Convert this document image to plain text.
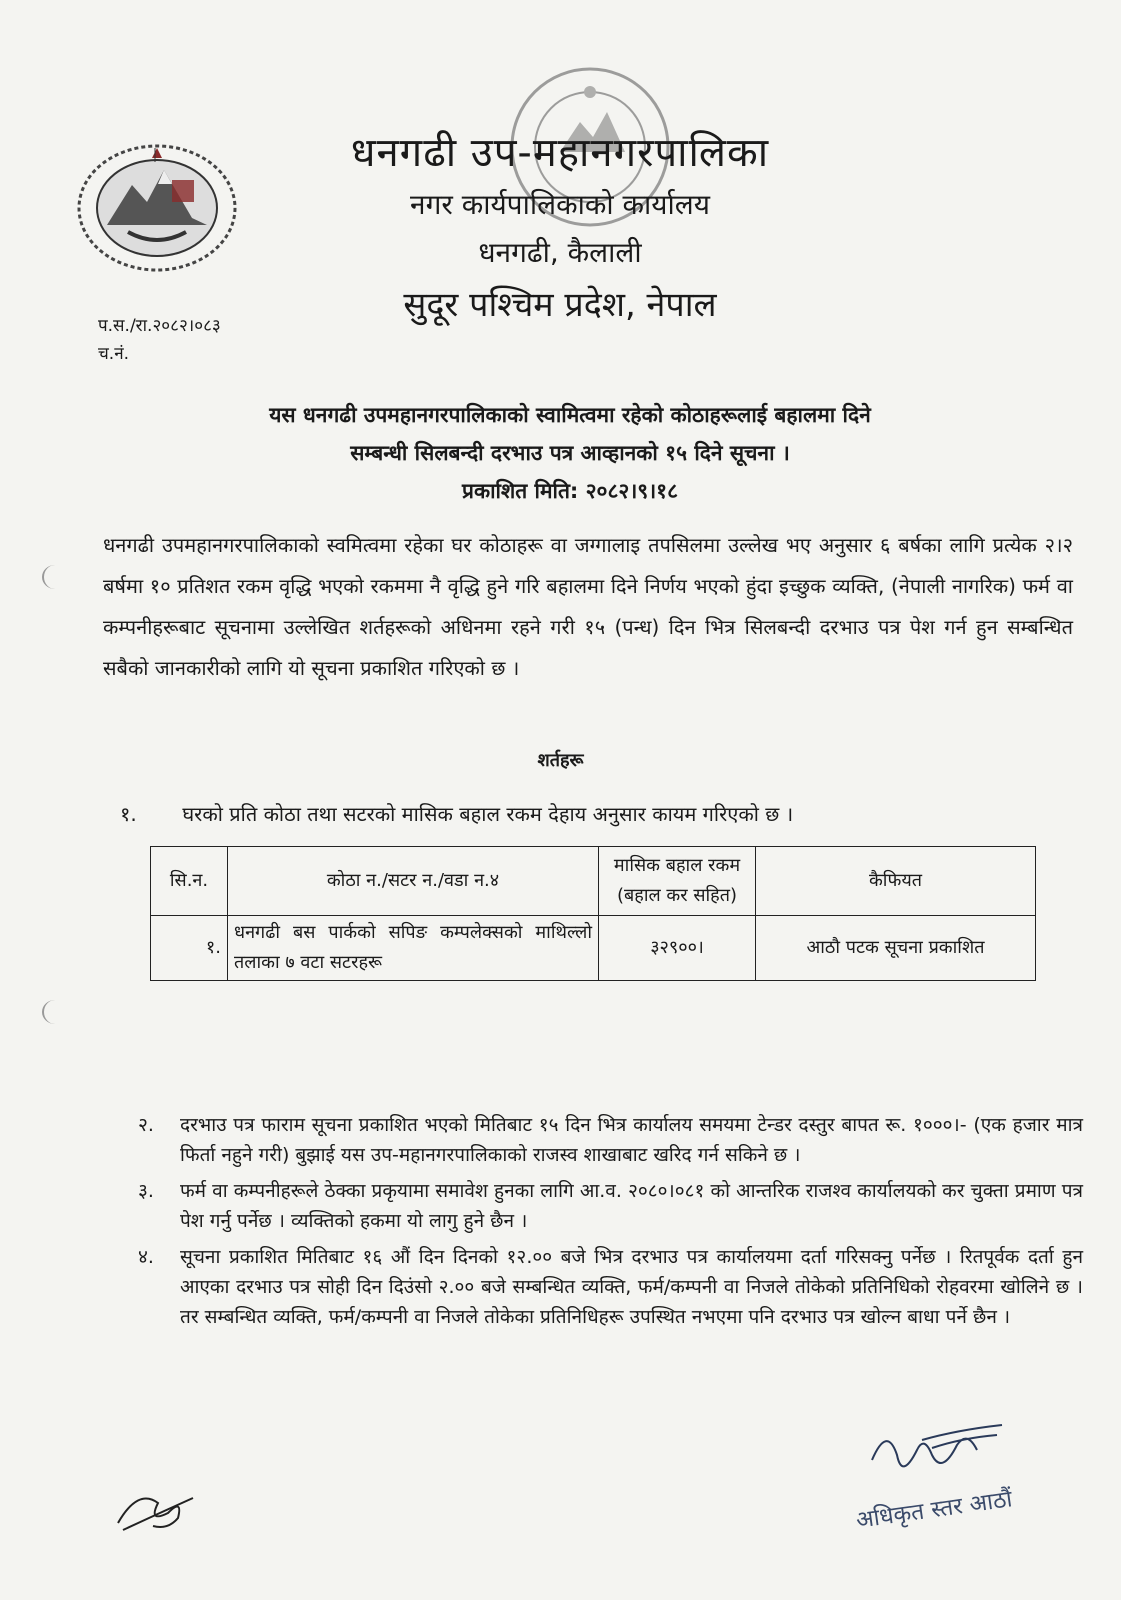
धनगढी उप-महानगरपालिका
नगर कार्यपालिकाको कार्यालय
धनगढी, कैलाली
सुदूर पश्चिम प्रदेश, नेपाल
प.स./रा.२०८२।०८३
च.नं.
यस धनगढी उपमहानगरपालिकाको स्वामित्वमा रहेको कोठाहरूलाई बहालमा दिने
सम्बन्धी सिलबन्दी दरभाउ पत्र आव्हानको १५ दिने सूचना ।
प्रकाशित मिति: २०८२।९।१८
धनगढी उपमहानगरपालिकाको स्वमित्वमा रहेका घर कोठाहरू वा जग्गालाइ तपसिलमा उल्लेख भए अनुसार ६ बर्षका लागि प्रत्येक २।२ बर्षमा १० प्रतिशत रकम वृद्धि भएको रकममा नै वृद्धि हुने गरि बहालमा दिने निर्णय भएको हुंदा इच्छुक व्यक्ति, (नेपाली नागरिक) फर्म वा कम्पनीहरूबाट सूचनामा उल्लेखित शर्तहरूको अधिनमा रहने गरी १५ (पन्ध) दिन भित्र सिलबन्दी दरभाउ पत्र पेश गर्न हुन सम्बन्धित सबैको जानकारीको लागि यो सूचना प्रकाशित गरिएको छ ।
शर्तहरू
१. घरको प्रति कोठा तथा सटरको मासिक बहाल रकम देहाय अनुसार कायम गरिएको छ ।
सि.न.	कोठा न./सटर न./वडा न.४	मासिक बहाल रकम (बहाल कर सहित)	कैफियत
१.	धनगढी बस पार्कको सपिङ कम्पलेक्सको माथिल्लो तलाका ७ वटा सटरहरू	३२९००।	आठौ पटक सूचना प्रकाशित
२.	दरभाउ पत्र फाराम सूचना प्रकाशित भएको मितिबाट १५ दिन भित्र कार्यालय समयमा टेन्डर दस्तुर बापत रू. १०००।- (एक हजार मात्र फिर्ता नहुने गरी) बुझाई यस उप-महानगरपालिकाको राजस्व शाखाबाट खरिद गर्न सकिने छ ।
३.	फर्म वा कम्पनीहरूले ठेक्का प्रकृयामा समावेश हुनका लागि आ.व. २०८०।०८१ को आन्तरिक राजश्व कार्यालयको कर चुक्ता प्रमाण पत्र पेश गर्नु पर्नेछ । व्यक्तिको हकमा यो लागु हुने छैन ।
४.	सूचना प्रकाशित मितिबाट १६ औं दिन दिनको १२.०० बजे भित्र दरभाउ पत्र कार्यालयमा दर्ता गरिसक्नु पर्नेछ । रितपूर्वक दर्ता हुन आएका दरभाउ पत्र सोही दिन दिउंसो २.०० बजे सम्बन्धित व्यक्ति, फर्म/कम्पनी वा निजले तोकेको प्रतिनिधिको रोहवरमा खोलिने छ । तर सम्बन्धित व्यक्ति, फर्म/कम्पनी वा निजले तोकेका प्रतिनिधिहरू उपस्थित नभएमा पनि दरभाउ पत्र खोल्न बाधा पर्ने छैन ।
अधिकृत स्तर आठौं
